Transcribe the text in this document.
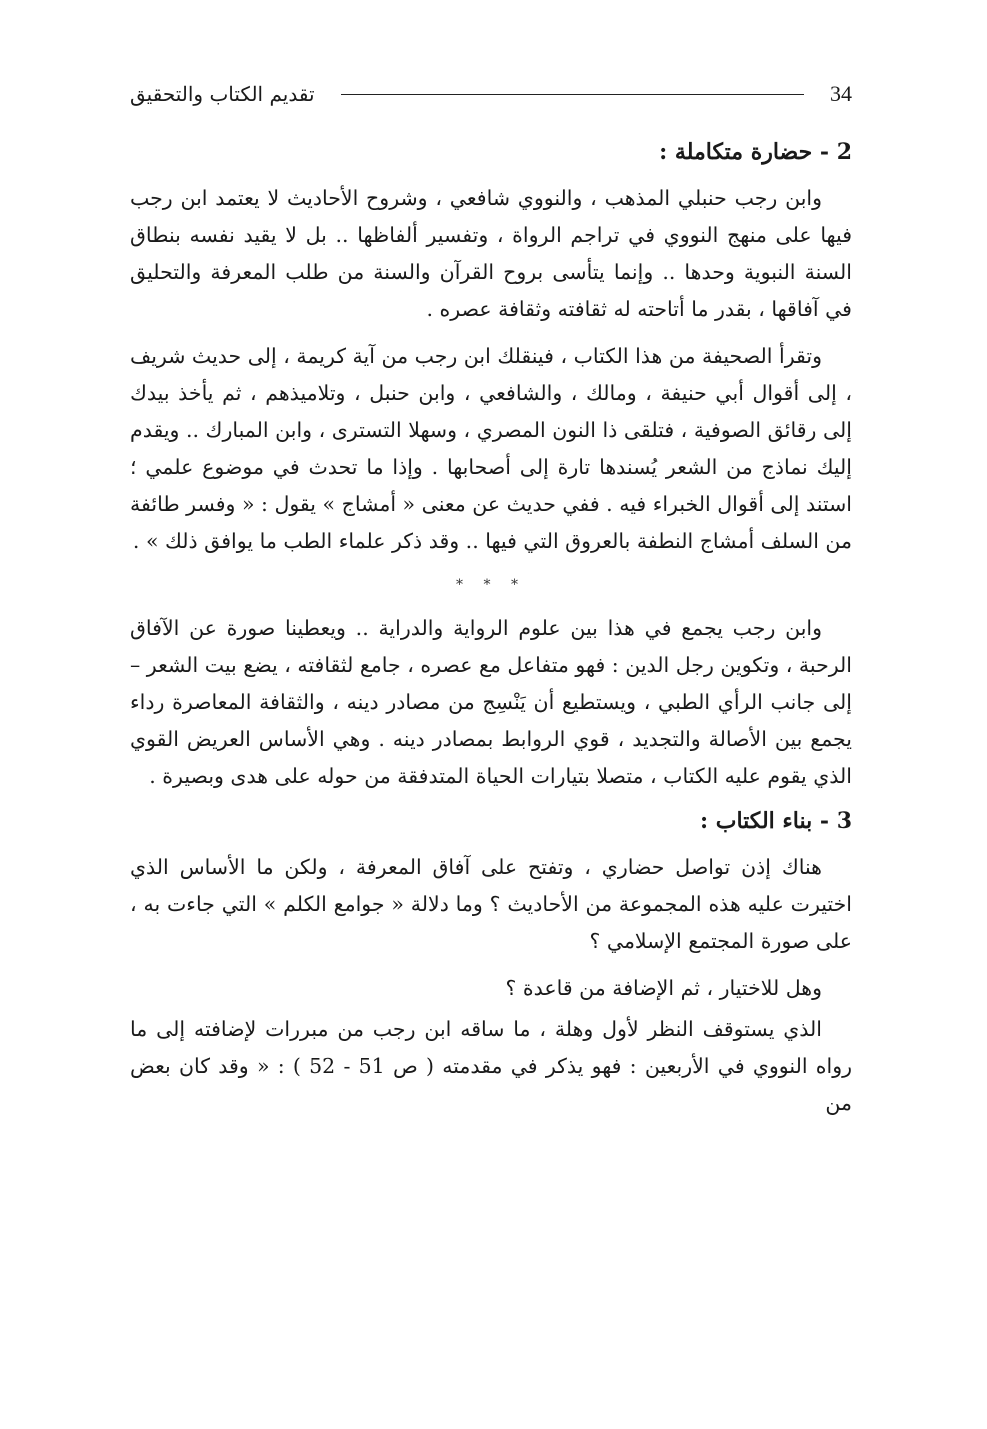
34
تقديم الكتاب والتحقيق
2 - حضارة متكاملة :

وابن رجب حنبلي المذهب ، والنووي شافعي ، وشروح الأحاديث لا يعتمد ابن رجب فيها على منهج النووي في تراجم الرواة ، وتفسير ألفاظها .. بل لا يقيد نفسه بنطاق السنة النبوية وحدها .. وإنما يتأسى بروح القرآن والسنة من طلب المعرفة والتحليق في آفاقها ، بقدر ما أتاحته له ثقافته وثقافة عصره .

وتقرأ الصحيفة من هذا الكتاب ، فينقلك ابن رجب من آية كريمة ، إلى حديث شريف ، إلى أقوال أبي حنيفة ، ومالك ، والشافعي ، وابن حنبل ، وتلاميذهم ، ثم يأخذ بيدك إلى رقائق الصوفية ، فتلقى ذا النون المصري ، وسهلا التسترى ، وابن المبارك .. ويقدم إليك نماذج من الشعر يُسندها تارة إلى أصحابها . وإذا ما تحدث في موضوع علمي ؛ استند إلى أقوال الخبراء فيه . ففي حديث عن معنى « أمشاج » يقول : « وفسر طائفة من السلف أمشاج النطفة بالعروق التي فيها .. وقد ذكر علماء الطب ما يوافق ذلك » .

* * *

وابن رجب يجمع في هذا بين علوم الرواية والدراية .. ويعطينا صورة عن الآفاق الرحبة ، وتكوين رجل الدين : فهو متفاعل مع عصره ، جامع لثقافته ، يضع بيت الشعر – إلى جانب الرأي الطبي ، ويستطيع أن يَنْسِج من مصادر دينه ، والثقافة المعاصرة رداء يجمع بين الأصالة والتجديد ، قوي الروابط بمصادر دينه . وهي الأساس العريض القوي الذي يقوم عليه الكتاب ، متصلا بتيارات الحياة المتدفقة من حوله على هدى وبصيرة .

3 - بناء الكتاب :

هناك إذن تواصل حضاري ، وتفتح على آفاق المعرفة ، ولكن ما الأساس الذي اختيرت عليه هذه المجموعة من الأحاديث ؟ وما دلالة « جوامع الكلم » التي جاءت به ، على صورة المجتمع الإسلامي ؟

وهل للاختيار ، ثم الإضافة من قاعدة ؟

الذي يستوقف النظر لأول وهلة ، ما ساقه ابن رجب من مبررات لإضافته إلى ما رواه النووي في الأربعين : فهو يذكر في مقدمته ( ص 51 - 52 ) : « وقد كان بعض من
